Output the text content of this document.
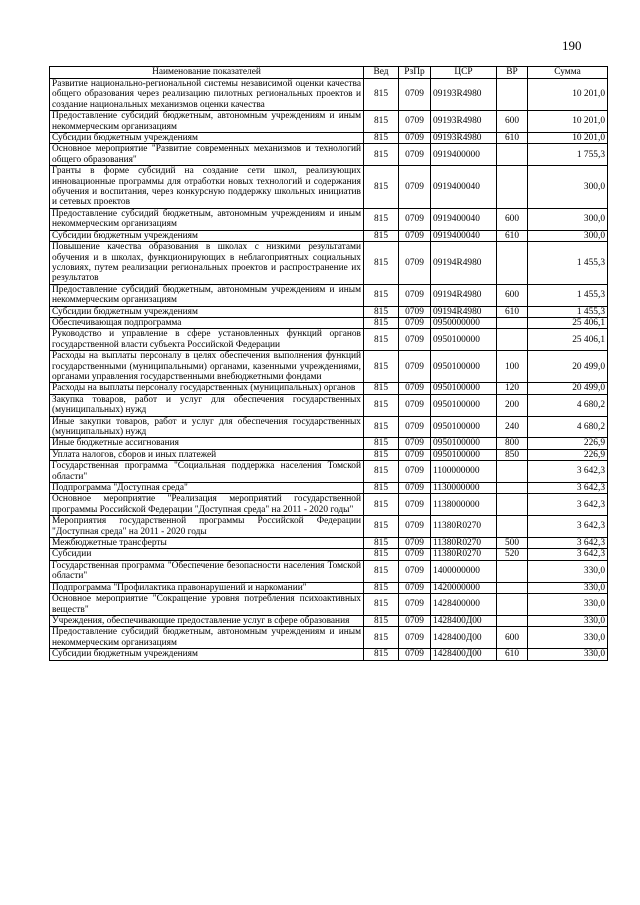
190
Наименование показателей	Вед	РзПр	ЦСР	ВР	Сумма
Развитие национально-региональной системы независимой оценки качества общего образования через реализацию пилотных региональных проектов и создание национальных механизмов оценки качества	815	0709	09193R4980		10 201,0
Предоставление субсидий бюджетным, автономным учреждениям и иным некоммерческим организациям	815	0709	09193R4980	600	10 201,0
Субсидии бюджетным учреждениям	815	0709	09193R4980	610	10 201,0
Основное мероприятие "Развитие современных механизмов и технологий общего образования"	815	0709	0919400000		1 755,3
Гранты в форме субсидий на создание сети школ, реализующих инновационные программы для отработки новых технологий и содержания обучения и воспитания, через конкурсную поддержку школьных инициатив и сетевых проектов	815	0709	0919400040		300,0
Предоставление субсидий бюджетным, автономным учреждениям и иным некоммерческим организациям	815	0709	0919400040	600	300,0
Субсидии бюджетным учреждениям	815	0709	0919400040	610	300,0
Повышение качества образования в школах с низкими результатами обучения и в школах, функционирующих в неблагоприятных социальных условиях, путем реализации региональных проектов и распространение их результатов	815	0709	09194R4980		1 455,3
Предоставление субсидий бюджетным, автономным учреждениям и иным некоммерческим организациям	815	0709	09194R4980	600	1 455,3
Субсидии бюджетным учреждениям	815	0709	09194R4980	610	1 455,3
Обеспечивающая подпрограмма	815	0709	0950000000		25 406,1
Руководство и управление в сфере установленных функций органов государственной власти субъекта Российской Федерации	815	0709	0950100000		25 406,1
Расходы на выплаты персоналу в целях обеспечения выполнения функций государственными (муниципальными) органами, казенными учреждениями, органами управления государственными внебюджетными фондами	815	0709	0950100000	100	20 499,0
Расходы на выплаты персоналу государственных (муниципальных) органов	815	0709	0950100000	120	20 499,0
Закупка товаров, работ и услуг для обеспечения государственных (муниципальных) нужд	815	0709	0950100000	200	4 680,2
Иные закупки товаров, работ и услуг для обеспечения государственных (муниципальных) нужд	815	0709	0950100000	240	4 680,2
Иные бюджетные ассигнования	815	0709	0950100000	800	226,9
Уплата налогов, сборов и иных платежей	815	0709	0950100000	850	226,9
Государственная программа "Социальная поддержка населения Томской области"	815	0709	1100000000		3 642,3
Подпрограмма "Доступная среда"	815	0709	1130000000		3 642,3
Основное мероприятие "Реализация мероприятий государственной программы Российской Федерации "Доступная среда" на 2011 - 2020 годы"	815	0709	1138000000		3 642,3
Мероприятия государственной программы Российской Федерации "Доступная среда" на 2011 - 2020 годы	815	0709	11380R0270		3 642,3
Межбюджетные трансферты	815	0709	11380R0270	500	3 642,3
Субсидии	815	0709	11380R0270	520	3 642,3
Государственная программа "Обеспечение безопасности населения Томской области"	815	0709	1400000000		330,0
Подпрограмма "Профилактика правонарушений и наркомании"	815	0709	1420000000		330,0
Основное мероприятие "Сокращение уровня потребления психоактивных веществ"	815	0709	1428400000		330,0
Учреждения, обеспечивающие предоставление услуг в сфере образования	815	0709	1428400Д00		330,0
Предоставление субсидий бюджетным, автономным учреждениям и иным некоммерческим организациям	815	0709	1428400Д00	600	330,0
Субсидии бюджетным учреждениям	815	0709	1428400Д00	610	330,0
